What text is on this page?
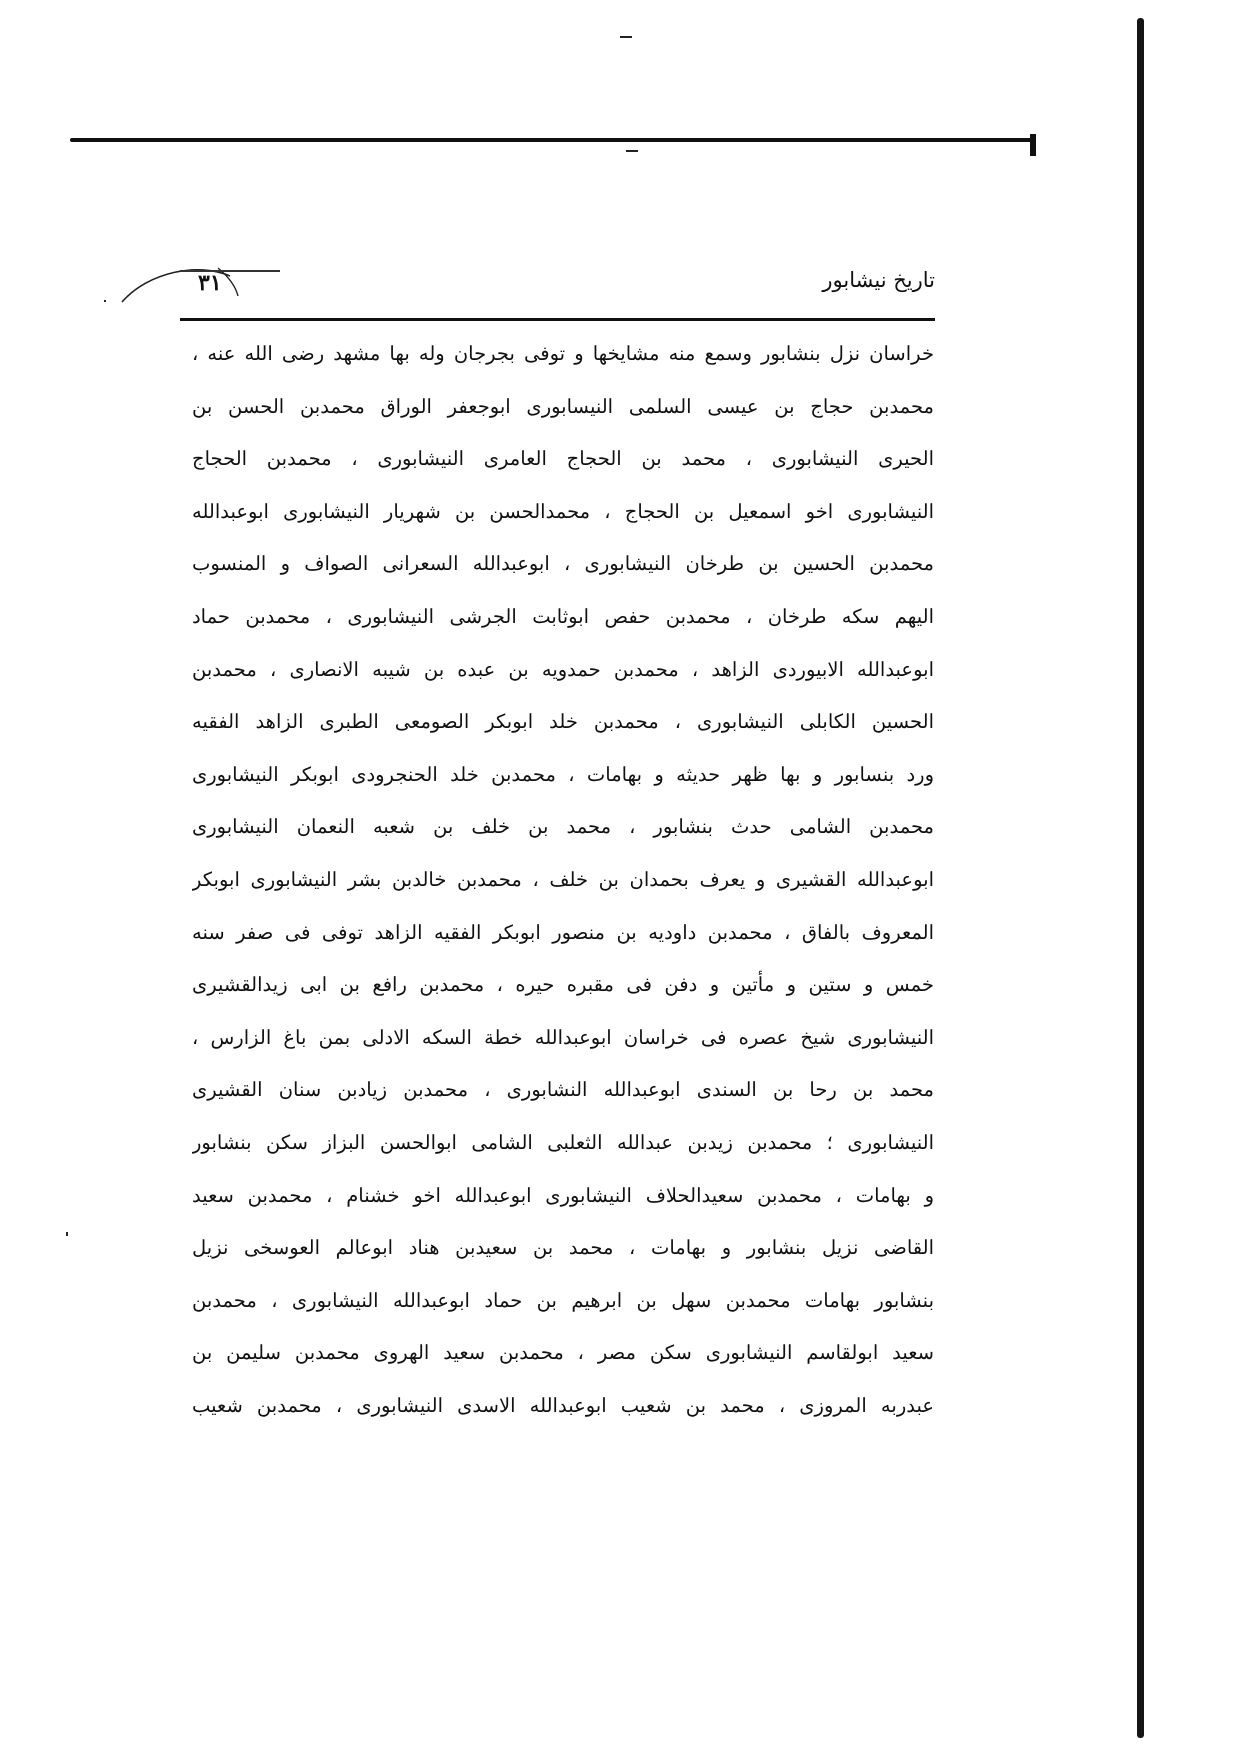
تاریخ نیشابور
۳۱
خراسان نزل بنشابور وسمع منه مشایخها و توفی بجرجان وله بها مشهد رضی الله عنه ،
محمدبن حجاج بن عیسی السلمی النیسابوری ابوجعفر الوراق محمدبن الحسن بن
الحیری النیشابوری ، محمد بن الحجاج العامری النیشابوری ، محمدبن الحجاج
النیشابوری اخو اسمعیل بن الحجاج ، محمدالحسن بن شهریار النیشابوری ابوعبدالله
محمدبن الحسین بن طرخان النیشابوری ، ابوعبدالله السعرانی الصواف و المنسوب
الیهم سکه طرخان ، محمدبن حفص ابوثابت الجرشی النیشابوری ، محمدبن حماد
ابوعبدالله الابیوردی الزاهد ، محمدبن حمدویه بن عبده بن شیبه الانصاری ، محمدبن
الحسین الکابلی النیشابوری ، محمدبن خلد ابوبکر الصومعی الطبری الزاهد الفقیه
ورد بنسابور و بها ظهر حدیثه و بهامات ، محمدبن خلد الحنجرودی ابوبکر النیشابوری
محمدبن الشامی حدث بنشابور ، محمد بن خلف بن شعبه النعمان النیشابوری
ابوعبدالله القشیری و یعرف بحمدان بن خلف ، محمدبن خالدبن بشر النیشابوری ابوبکر
المعروف بالفاق ، محمدبن داودیه بن منصور ابوبکر الفقیه الزاهد توفی فی صفر سنه
خمس و ستین و مأتین و دفن فی مقبره حیره ، محمدبن رافع بن ابی زیدالقشیری
النیشابوری شیخ عصره فی خراسان ابوعبدالله خطة السکه الادلی بمن باغ الزارس ،
محمد بن رحا بن السندی ابوعبدالله النشابوری ، محمدبن زیادبن سنان القشیری
النیشابوری ؛ محمدبن زیدبن عبدالله الثعلبی الشامی ابوالحسن البزاز سکن بنشابور
و بهامات ، محمدبن سعیدالحلاف النیشابوری ابوعبدالله اخو خشنام ، محمدبن سعید
القاضی نزیل بنشابور و بهامات ، محمد بن سعیدبن هناد ابوعالم العوسخی نزیل
بنشابور بهامات محمدبن سهل بن ابرهیم بن حماد ابوعبدالله النیشابوری ، محمدبن
سعید ابولقاسم النیشابوری سکن مصر ، محمدبن سعید الهروی محمدبن سلیمن بن
عبدربه المروزی ، محمد بن شعیب ابوعبدالله الاسدی النیشابوری ، محمدبن شعیب
